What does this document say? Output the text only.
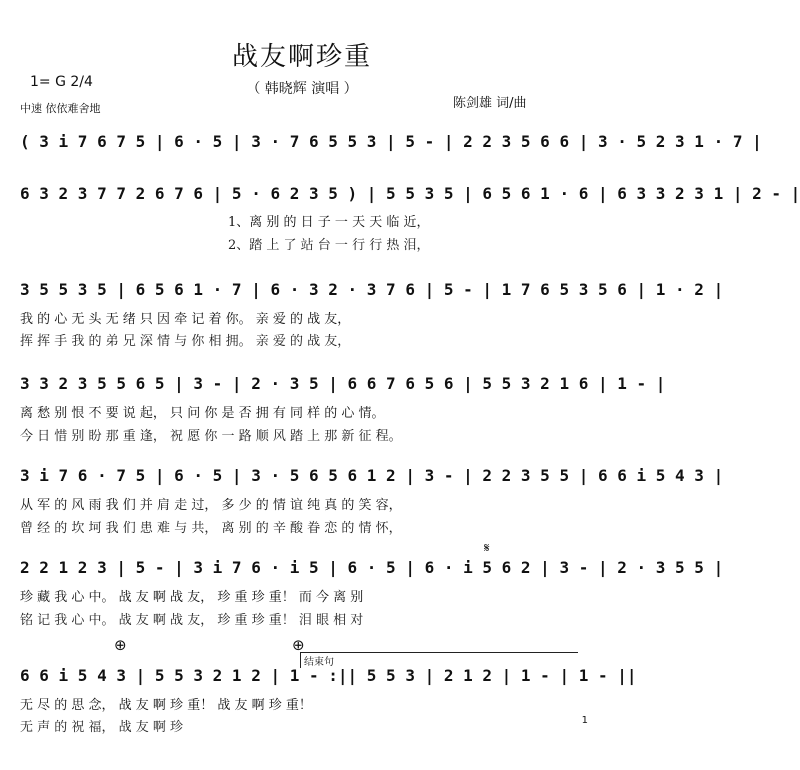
战友啊珍重
（ 韩晓辉 演唱 ）
1= G 2/4
中速 依依难舍地	陈剑雄 词/曲
( 3 i 7 6 7 5 | 6 · 5 | 3 · 7 6 5 5 3 | 5 - | 2 2 3 5 6 6 | 3 · 5 2 3 1 · 7 |
6 3 2 3 7 7 2 6 7 6 | 5 · 6 2 3 5 ) | 5 5 3 5 | 6 5 6 1 · 6 | 6 3 3 2 3 1 | 2 - |
1、离 别 的 日 子 一 天 天 临 近，
2、踏 上 了 站 台 一 行 行 热 泪，
3 5 5 3 5 | 6 5 6 1 · 7 | 6 · 3 2 · 3 7 6 | 5 - | 1 7 6 5 3 5 6 | 1 · 2 |
我 的 心 无 头 无 绪 只 因 牵 记 着 你。 亲 爱 的 战 友，
挥 挥 手 我 的 弟 兄 深 情 与 你 相 拥。 亲 爱 的 战 友，
3 3 2 3 5 5 6 5 | 3 - | 2 · 3 5 | 6 6 7 6 5 6 | 5 5 3 2 1 6 | 1 - |
离 愁 别 恨 不 要 说 起， 只 问 你 是 否 拥 有 同 样 的 心 情。
今 日 惜 别 盼 那 重 逢， 祝 愿 你 一 路 顺 风 踏 上 那 新 征 程。
3 i 7 6 · 7 5 | 6 · 5 | 3 · 5 6 5 6 1 2 | 3 - | 2 2 3 5 5 | 6 6 i 5 4 3 |
从 军 的 风 雨 我 们 并 肩 走 过， 多 少 的 情 谊 纯 真 的 笑 容，
曾 经 的 坎 坷 我 们 患 难 与 共， 离 别 的 辛 酸 眷 恋 的 情 怀，
𝄋
2 2 1 2 3 | 5 - | 3 i 7 6 · i 5 | 6 · 5 | 6 · i 5 6 2 | 3 - | 2 · 3 5 5 |
珍 藏 我 心 中。 战 友 啊 战 友， 珍 重 珍 重！ 而 今 离 别
铭 记 我 心 中。 战 友 啊 战 友， 珍 重 珍 重！ 泪 眼 相 对
⊕	⊕
结束句
6 6 i 5 4 3 | 5 5 3 2 1 2 | 1 - :|| 5 5 3 | 2 1 2 | 1 - | 1 - ||
无 尽 的 思 念， 战 友 啊 珍 重！ 战 友 啊 珍 重！
无 声 的 祝 福， 战 友 啊 珍	1
